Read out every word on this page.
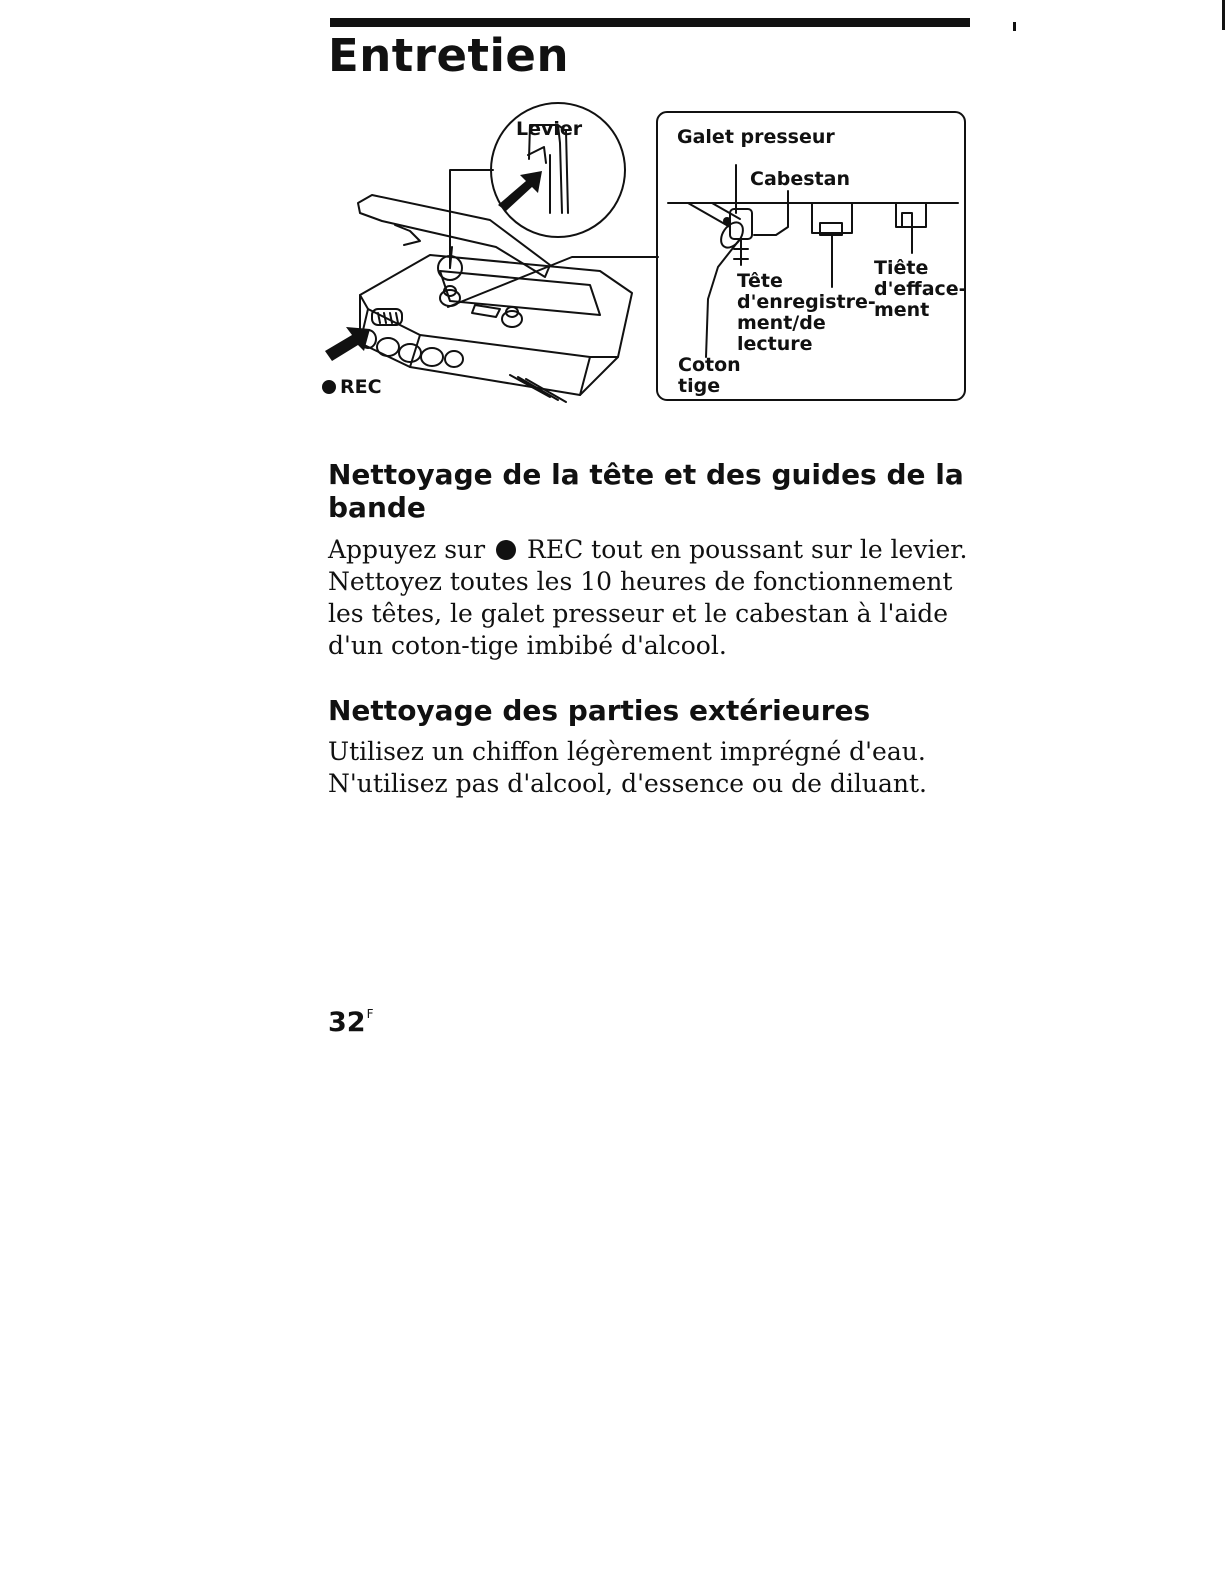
Entretien
Levier
REC
Galet presseur
Cabestan
Tête
d'enregistre-
ment/de
lecture
Tiête
d'efface-
ment
Coton
tige
Nettoyage de la tête et des guides de la
bande

Appuyez sur REC tout en poussant sur le levier.
Nettoyez toutes les 10 heures de fonctionnement
les têtes, le galet presseur et le cabestan à l'aide
d'un coton-tige imbibé d'alcool.

Nettoyage des parties extérieures

Utilisez un chiffon légèrement imprégné d'eau.
N'utilisez pas d'alcool, d'essence ou de diluant.

$32^F$
